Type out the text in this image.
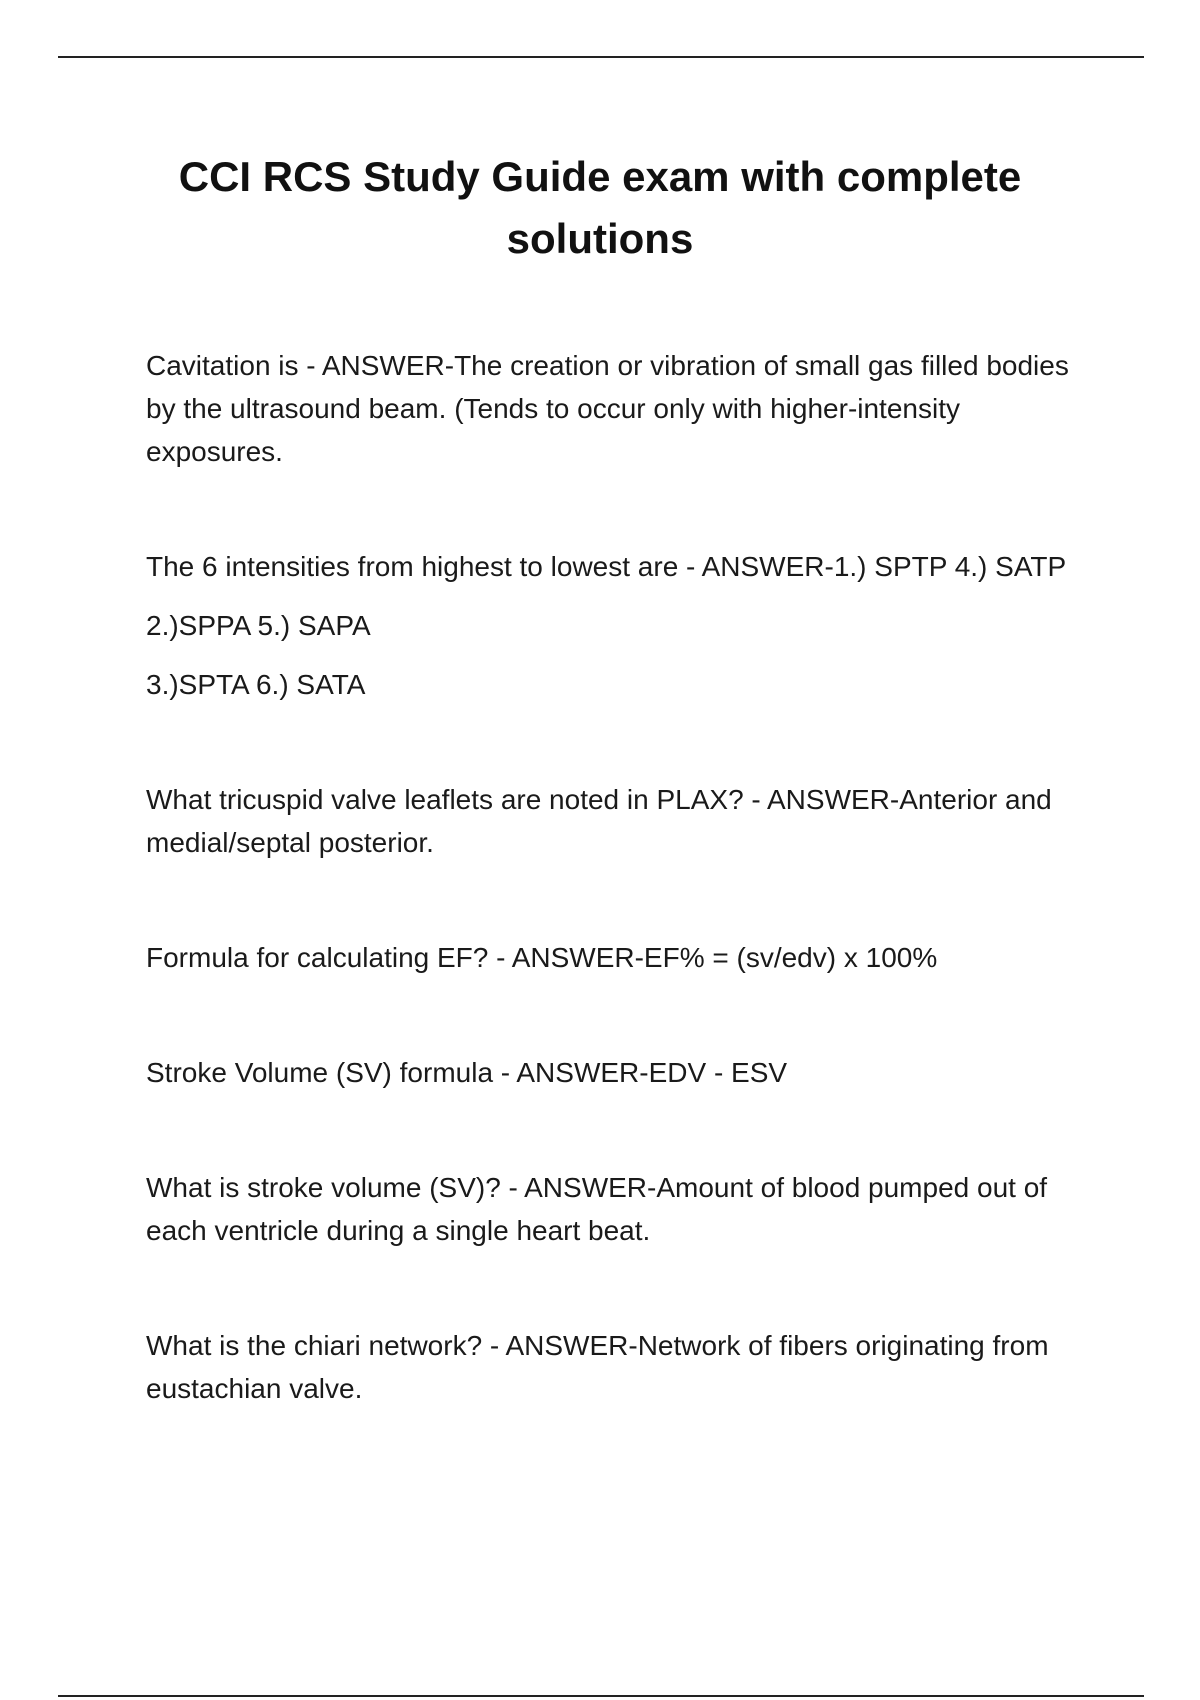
CCI RCS Study Guide exam with complete solutions

Cavitation is - ANSWER-The creation or vibration of small gas filled bodies by the ultrasound beam. (Tends to occur only with higher-intensity exposures.

The 6 intensities from highest to lowest are - ANSWER-1.) SPTP 4.) SATP

2.)SPPA 5.) SAPA

3.)SPTA 6.) SATA

What tricuspid valve leaflets are noted in PLAX? - ANSWER-Anterior and medial/septal posterior.

Formula for calculating EF? - ANSWER-EF% = (sv/edv) x 100%

Stroke Volume (SV) formula - ANSWER-EDV - ESV

What is stroke volume (SV)? - ANSWER-Amount of blood pumped out of each ventricle during a single heart beat.

What is the chiari network? - ANSWER-Network of fibers originating from eustachian valve.
